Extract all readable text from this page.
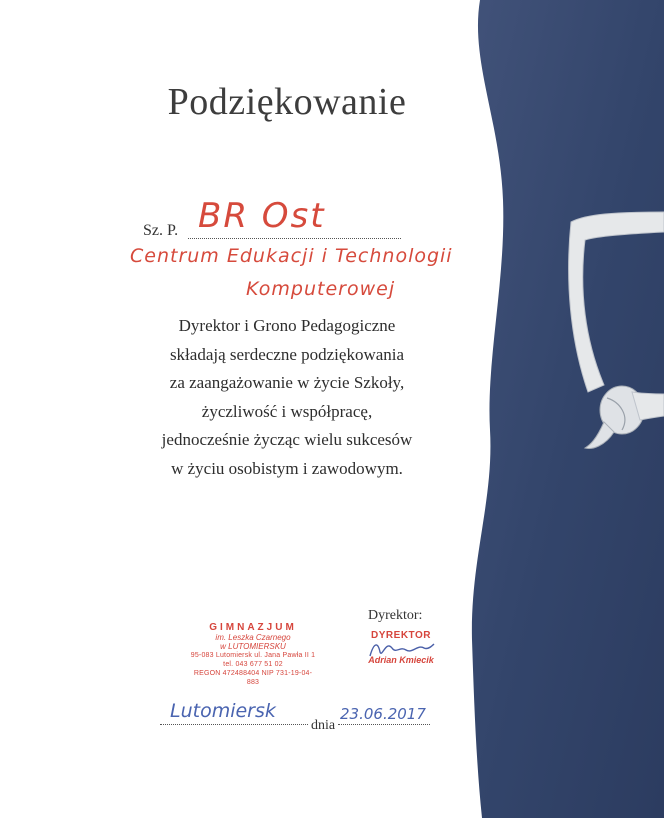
Podziękowanie
Sz. P. BR Ost
Centrum Edukacji i Technologii
Komputerowej
Dyrektor i Grono Pedagogiczne
składają serdeczne podziękowania
za zaangażowanie w życie Szkoły,
życzliwość i współpracę,
jednocześnie życząc wielu sukcesów
w życiu osobistym i zawodowym.
Dyrektor:
GIMNAZJUM
im. Leszka Czarnego
w LUTOMIERSKU
95-083 Lutomiersk ul. Jana Pawła II 1
tel. 043 677 51 02
REGON 472488404 NIP 731-19-04-883
DYREKTOR
Adrian Kmiecik
Lutomiersk
dnia
23.06.2017
